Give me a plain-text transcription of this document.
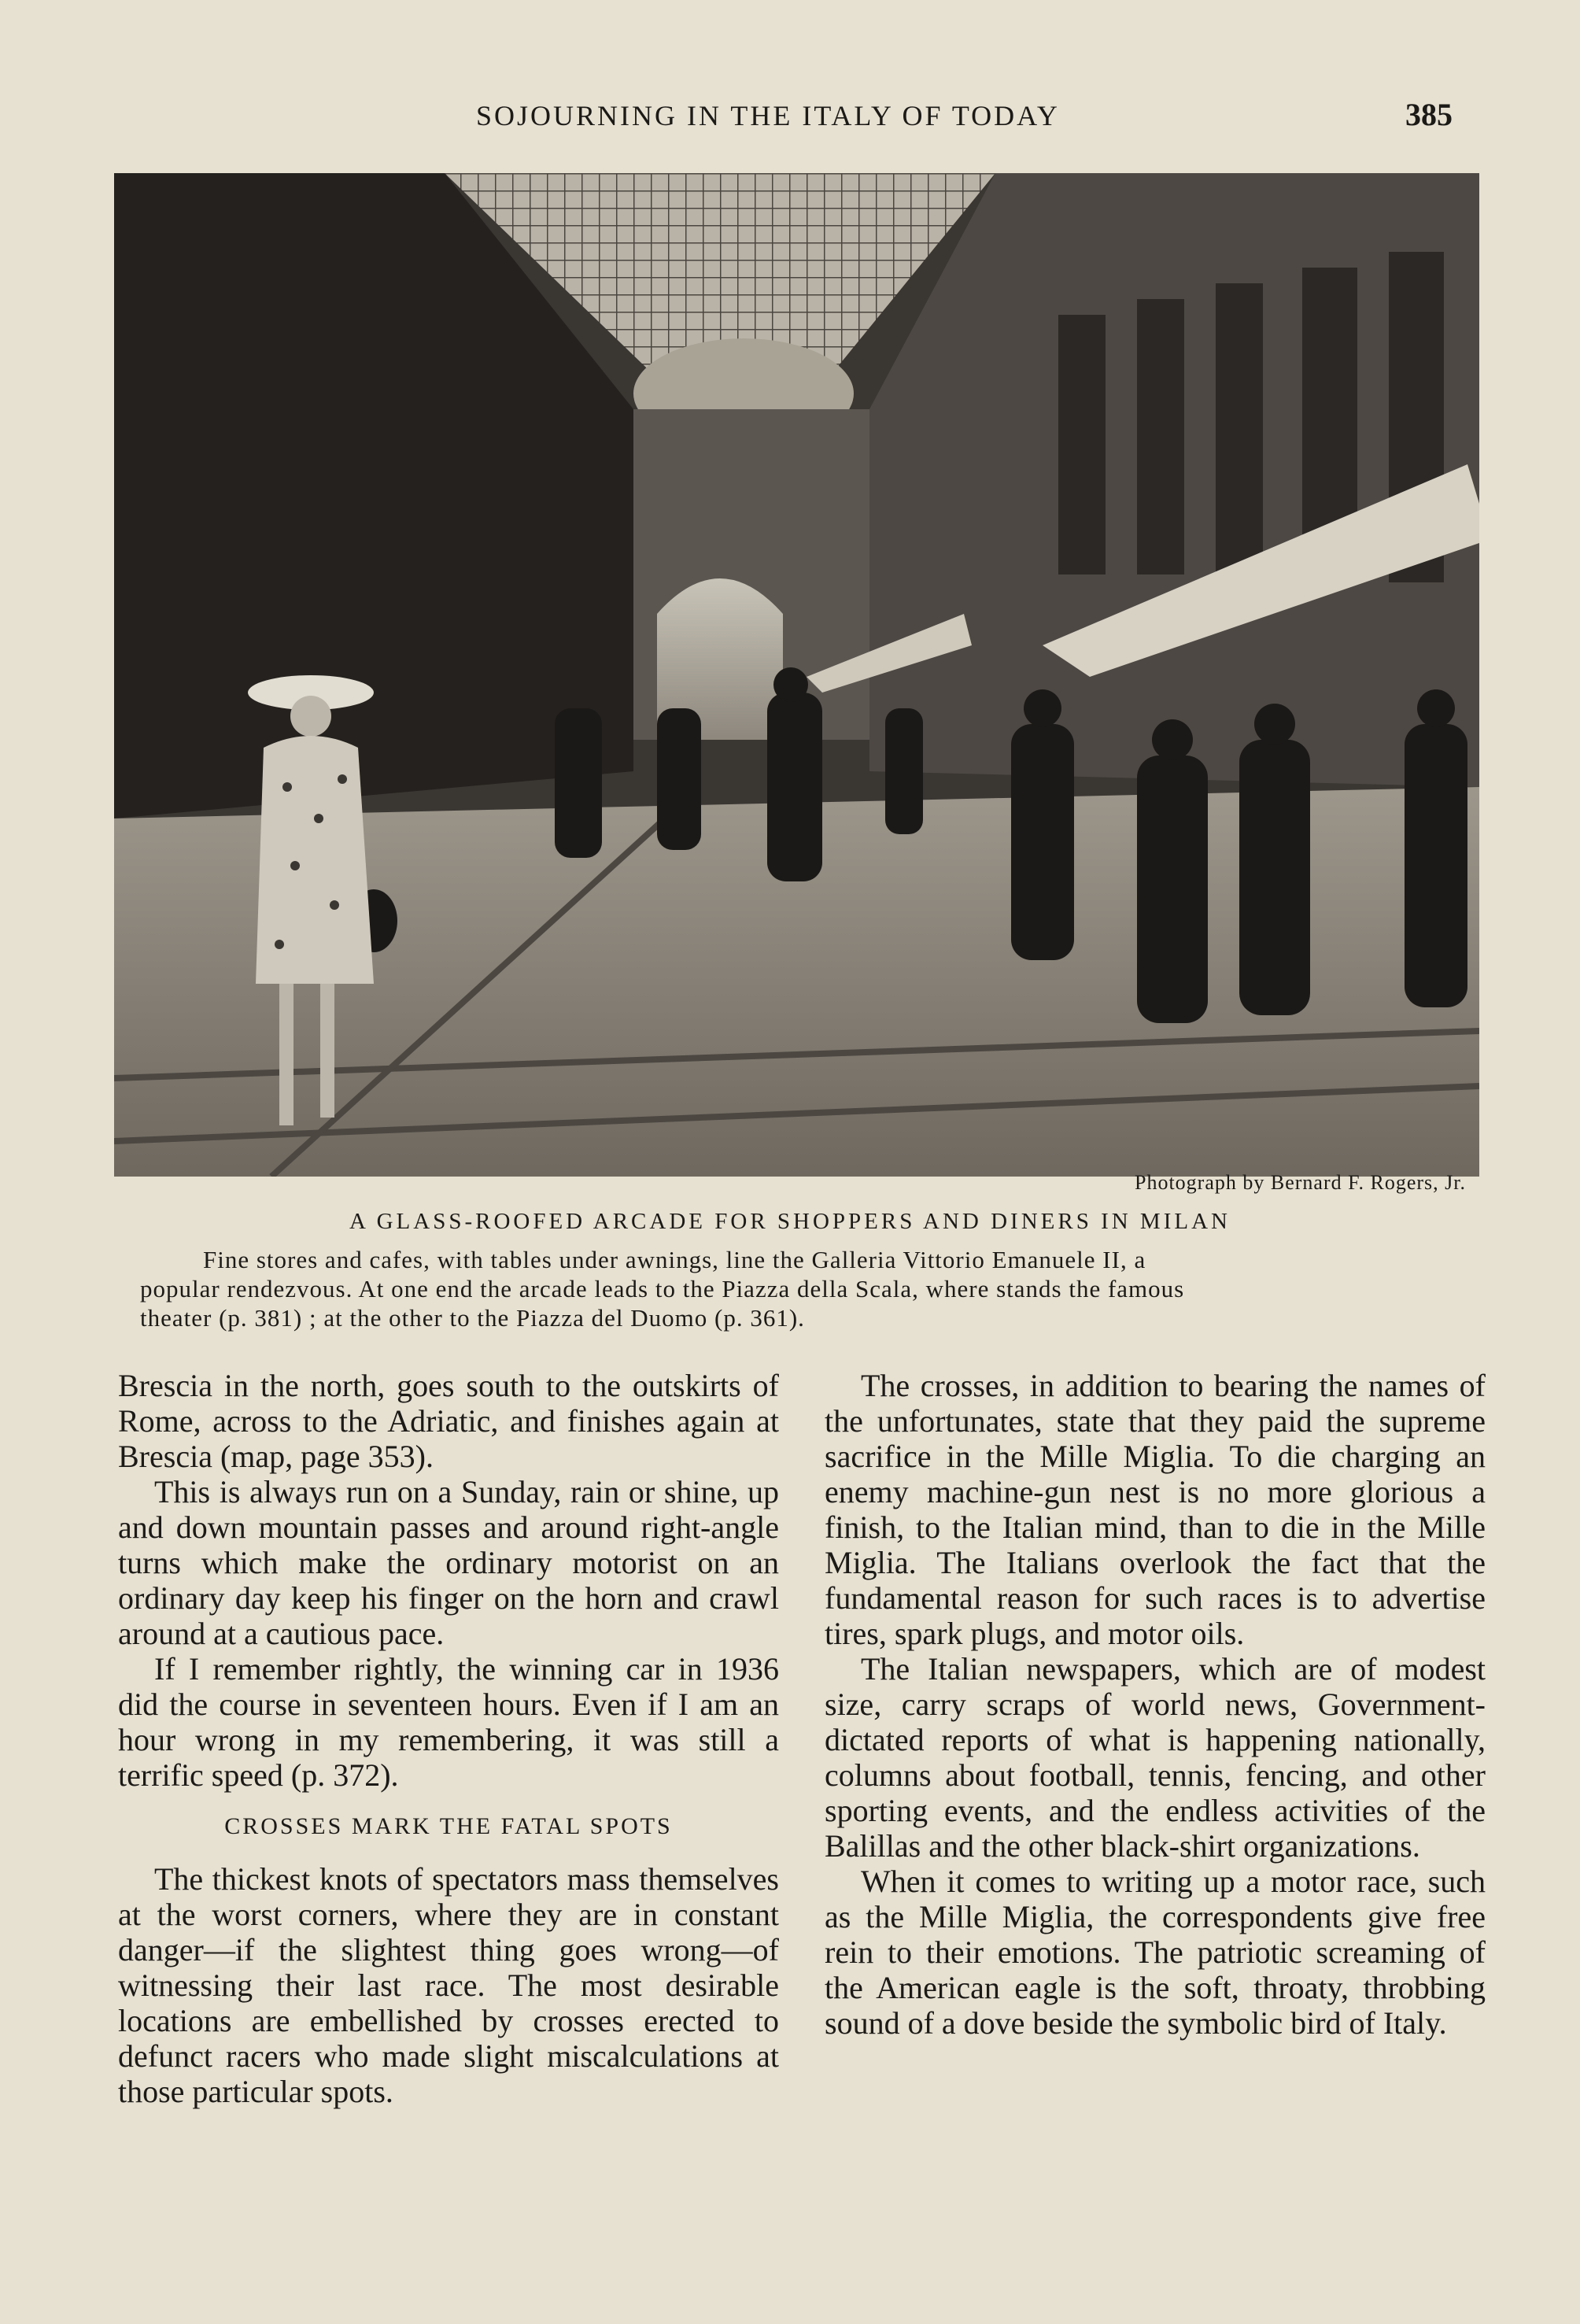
SOJOURNING IN THE ITALY OF TODAY	385
Photograph by Bernard F. Rogers, Jr.
A GLASS-ROOFED ARCADE FOR SHOPPERS AND DINERS IN MILAN
Fine stores and cafes, with tables under awnings, line the Galleria Vittorio Emanuele II, a
popular rendezvous. At one end the arcade leads to the Piazza della Scala, where stands the famous
theater (p. 381) ; at the other to the Piazza del Duomo (p. 361).

Brescia in the north, goes south to the outskirts of Rome, across to the Adriatic, and finishes again at Brescia (map, page 353).

This is always run on a Sunday, rain or shine, up and down mountain passes and around right-angle turns which make the ordinary motorist on an ordinary day keep his finger on the horn and crawl around at a cautious pace.

If I remember rightly, the winning car in 1936 did the course in seventeen hours. Even if I am an hour wrong in my remembering, it was still a terrific speed (p. 372).

CROSSES MARK THE FATAL SPOTS

The thickest knots of spectators mass themselves at the worst corners, where they are in constant danger—if the slightest thing goes wrong—of witnessing their last race. The most desirable locations are embellished by crosses erected to defunct racers who made slight miscalculations at those particular spots.

The crosses, in addition to bearing the names of the unfortunates, state that they paid the supreme sacrifice in the Mille Miglia. To die charging an enemy machine-gun nest is no more glorious a finish, to the Italian mind, than to die in the Mille Miglia. The Italians overlook the fact that the fundamental reason for such races is to advertise tires, spark plugs, and motor oils.

The Italian newspapers, which are of modest size, carry scraps of world news, Government-dictated reports of what is happening nationally, columns about football, tennis, fencing, and other sporting events, and the endless activities of the Balillas and the other black-shirt organizations.

When it comes to writing up a motor race, such as the Mille Miglia, the correspondents give free rein to their emotions. The patriotic screaming of the American eagle is the soft, throaty, throbbing sound of a dove beside the symbolic bird of Italy.
